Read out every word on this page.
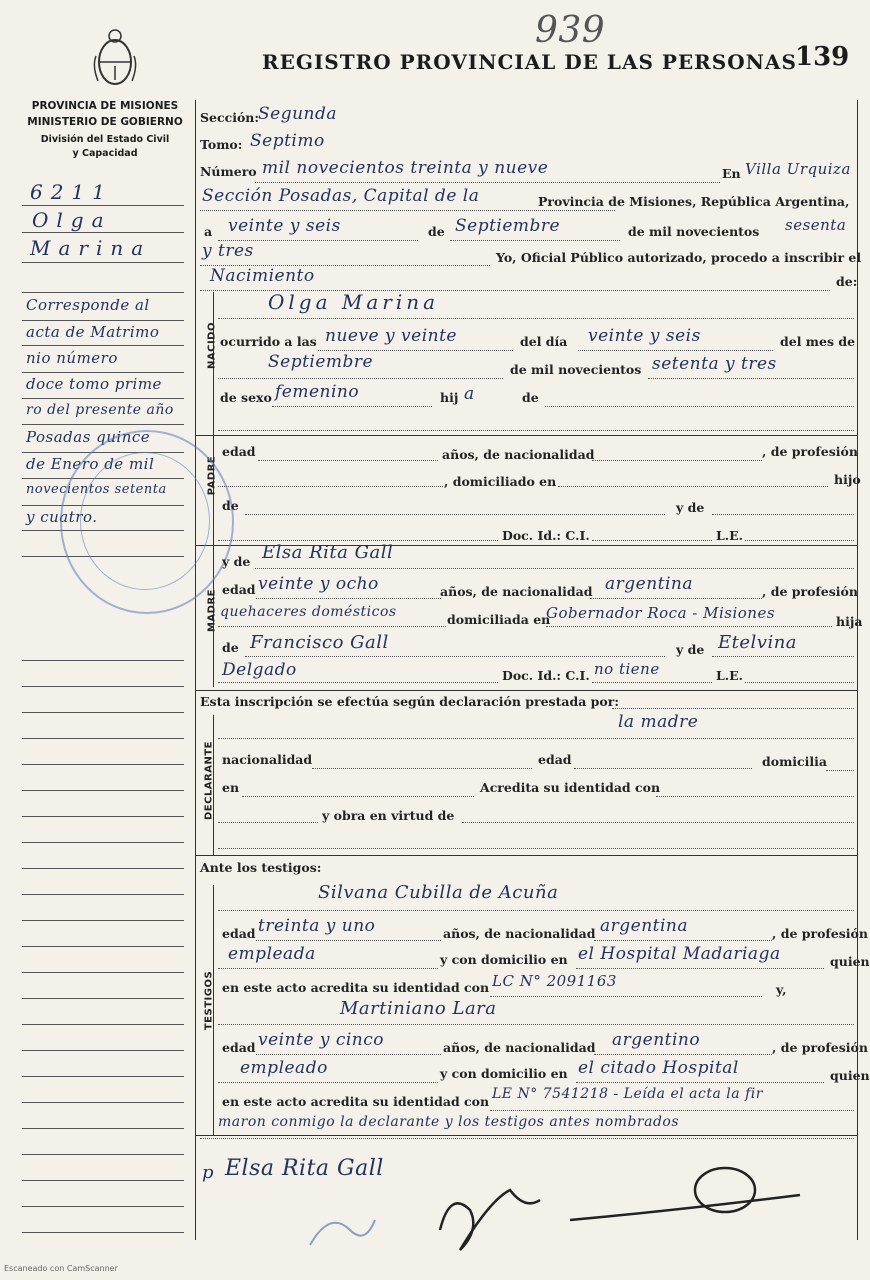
PROVINCIA DE MISIONES
MINISTERIO DE GOBIERNO
División del Estado Civil
y Capacidad
REGISTRO PROVINCIAL DE LAS PERSONAS
139
939
NACIDO
PADRE
MADRE
DECLARANTE
TESTIGOS
6211
Olga
Marina
Corresponde al
acta de Matrimo
nio número
doce tomo prime
ro del presente año
Posadas quince
de Enero de mil
novecientos setenta
y cuatro.
Sección: Segunda
Tomo: Septimo
Número mil novecientos treinta y nueve	En Villa Urquiza
Sección Posadas, Capital de la	Provincia de Misiones, República Argentina,
a veinte y seis	de Septiembre	de mil novecientos sesenta
y tres	Yo, Oficial Público autorizado, procedo a inscribir el
Nacimiento	de:
Olga Marina
ocurrido a las nueve y veinte	del día veinte y seis	del mes de
Septiembre	de mil novecientos setenta y tres
de sexo femenino	hij a	de
edad	años, de nacionalidad	, de profesión
, domiciliado en	hijo
de	y de
Doc. Id.: C.I.	L.E.
y de Elsa Rita Gall
edad veinte y ocho	años, de nacionalidad argentina	, de profesión
quehaceres domésticos	domiciliada en
Gobernador Roca - Misiones	hija
de Francisco Gall	y de Etelvina
Delgado	Doc. Id.: C.I. no tiene	L.E.
Esta inscripción se efectúa según declaración prestada por:
la madre
nacionalidad	edad	domicilia
en	Acredita su identidad con
y obra en virtud de
Ante los testigos:
Silvana Cubilla de Acuña
edad treinta y uno	años, de nacionalidad argentina	, de profesión
empleada	y con domicilio en el Hospital Madariaga	quien
en este acto acredita su identidad con LC N° 2091163	y,
Martiniano Lara
edad veinte y cinco	años, de nacionalidad argentino	, de profesión
empleado	y con domicilio en el citado Hospital	quien
en este acto acredita su identidad con LE N° 7541218 - Leída el acta la fir
maron conmigo la declarante y los testigos antes nombrados
p Elsa Rita Gall
Escaneado con CamScanner
